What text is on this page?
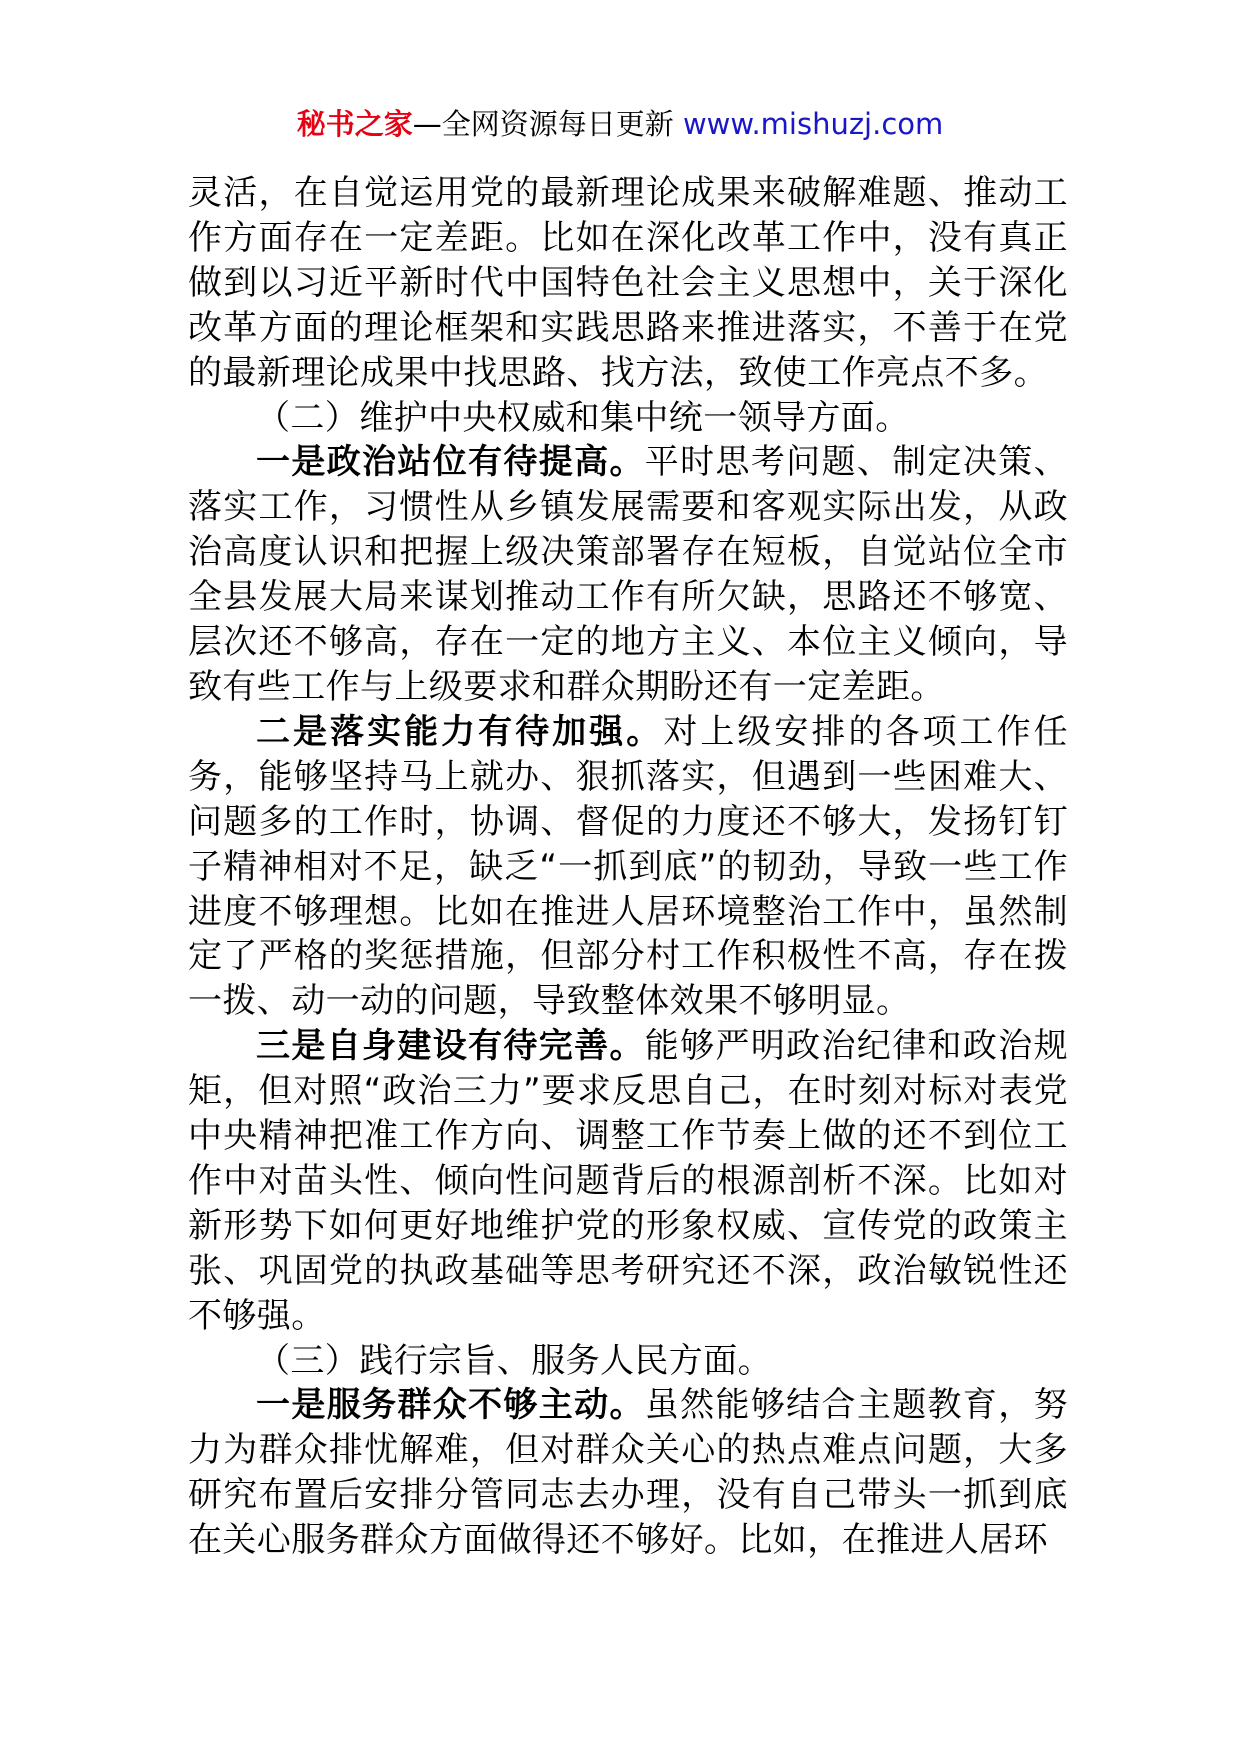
秘书之家—全网资源每日更新 www.mishuzj.com

灵活，在自觉运用党的最新理论成果来破解难题、推动工作方面存在一定差距。比如在深化改革工作中，没有真正做到以习近平新时代中国特色社会主义思想中，关于深化改革方面的理论框架和实践思路来推进落实，不善于在党的最新理论成果中找思路、找方法，致使工作亮点不多。

（二）维护中央权威和集中统一领导方面。

一是政治站位有待提高。平时思考问题、制定决策、落实工作，习惯性从乡镇发展需要和客观实际出发，从政治高度认识和把握上级决策部署存在短板，自觉站位全市全县发展大局来谋划推动工作有所欠缺，思路还不够宽、层次还不够高，存在一定的地方主义、本位主义倾向，导致有些工作与上级要求和群众期盼还有一定差距。

二是落实能力有待加强。对上级安排的各项工作任务，能够坚持马上就办、狠抓落实，但遇到一些困难大、问题多的工作时，协调、督促的力度还不够大，发扬钉钉子精神相对不足，缺乏“一抓到底”的韧劲，导致一些工作进度不够理想。比如在推进人居环境整治工作中，虽然制定了严格的奖惩措施，但部分村工作积极性不高，存在拨一拨、动一动的问题，导致整体效果不够明显。

三是自身建设有待完善。能够严明政治纪律和政治规矩，但对照“政治三力”要求反思自己，在时刻对标对表党中央精神把准工作方向、调整工作节奏上做的还不到位工作中对苗头性、倾向性问题背后的根源剖析不深。比如对新形势下如何更好地维护党的形象权威、宣传党的政策主张、巩固党的执政基础等思考研究还不深，政治敏锐性还不够强。

（三）践行宗旨、服务人民方面。

一是服务群众不够主动。虽然能够结合主题教育，努力为群众排忧解难，但对群众关心的热点难点问题，大多研究布置后安排分管同志去办理，没有自己带头一抓到底在关心服务群众方面做得还不够好。比如，在推进人居环
